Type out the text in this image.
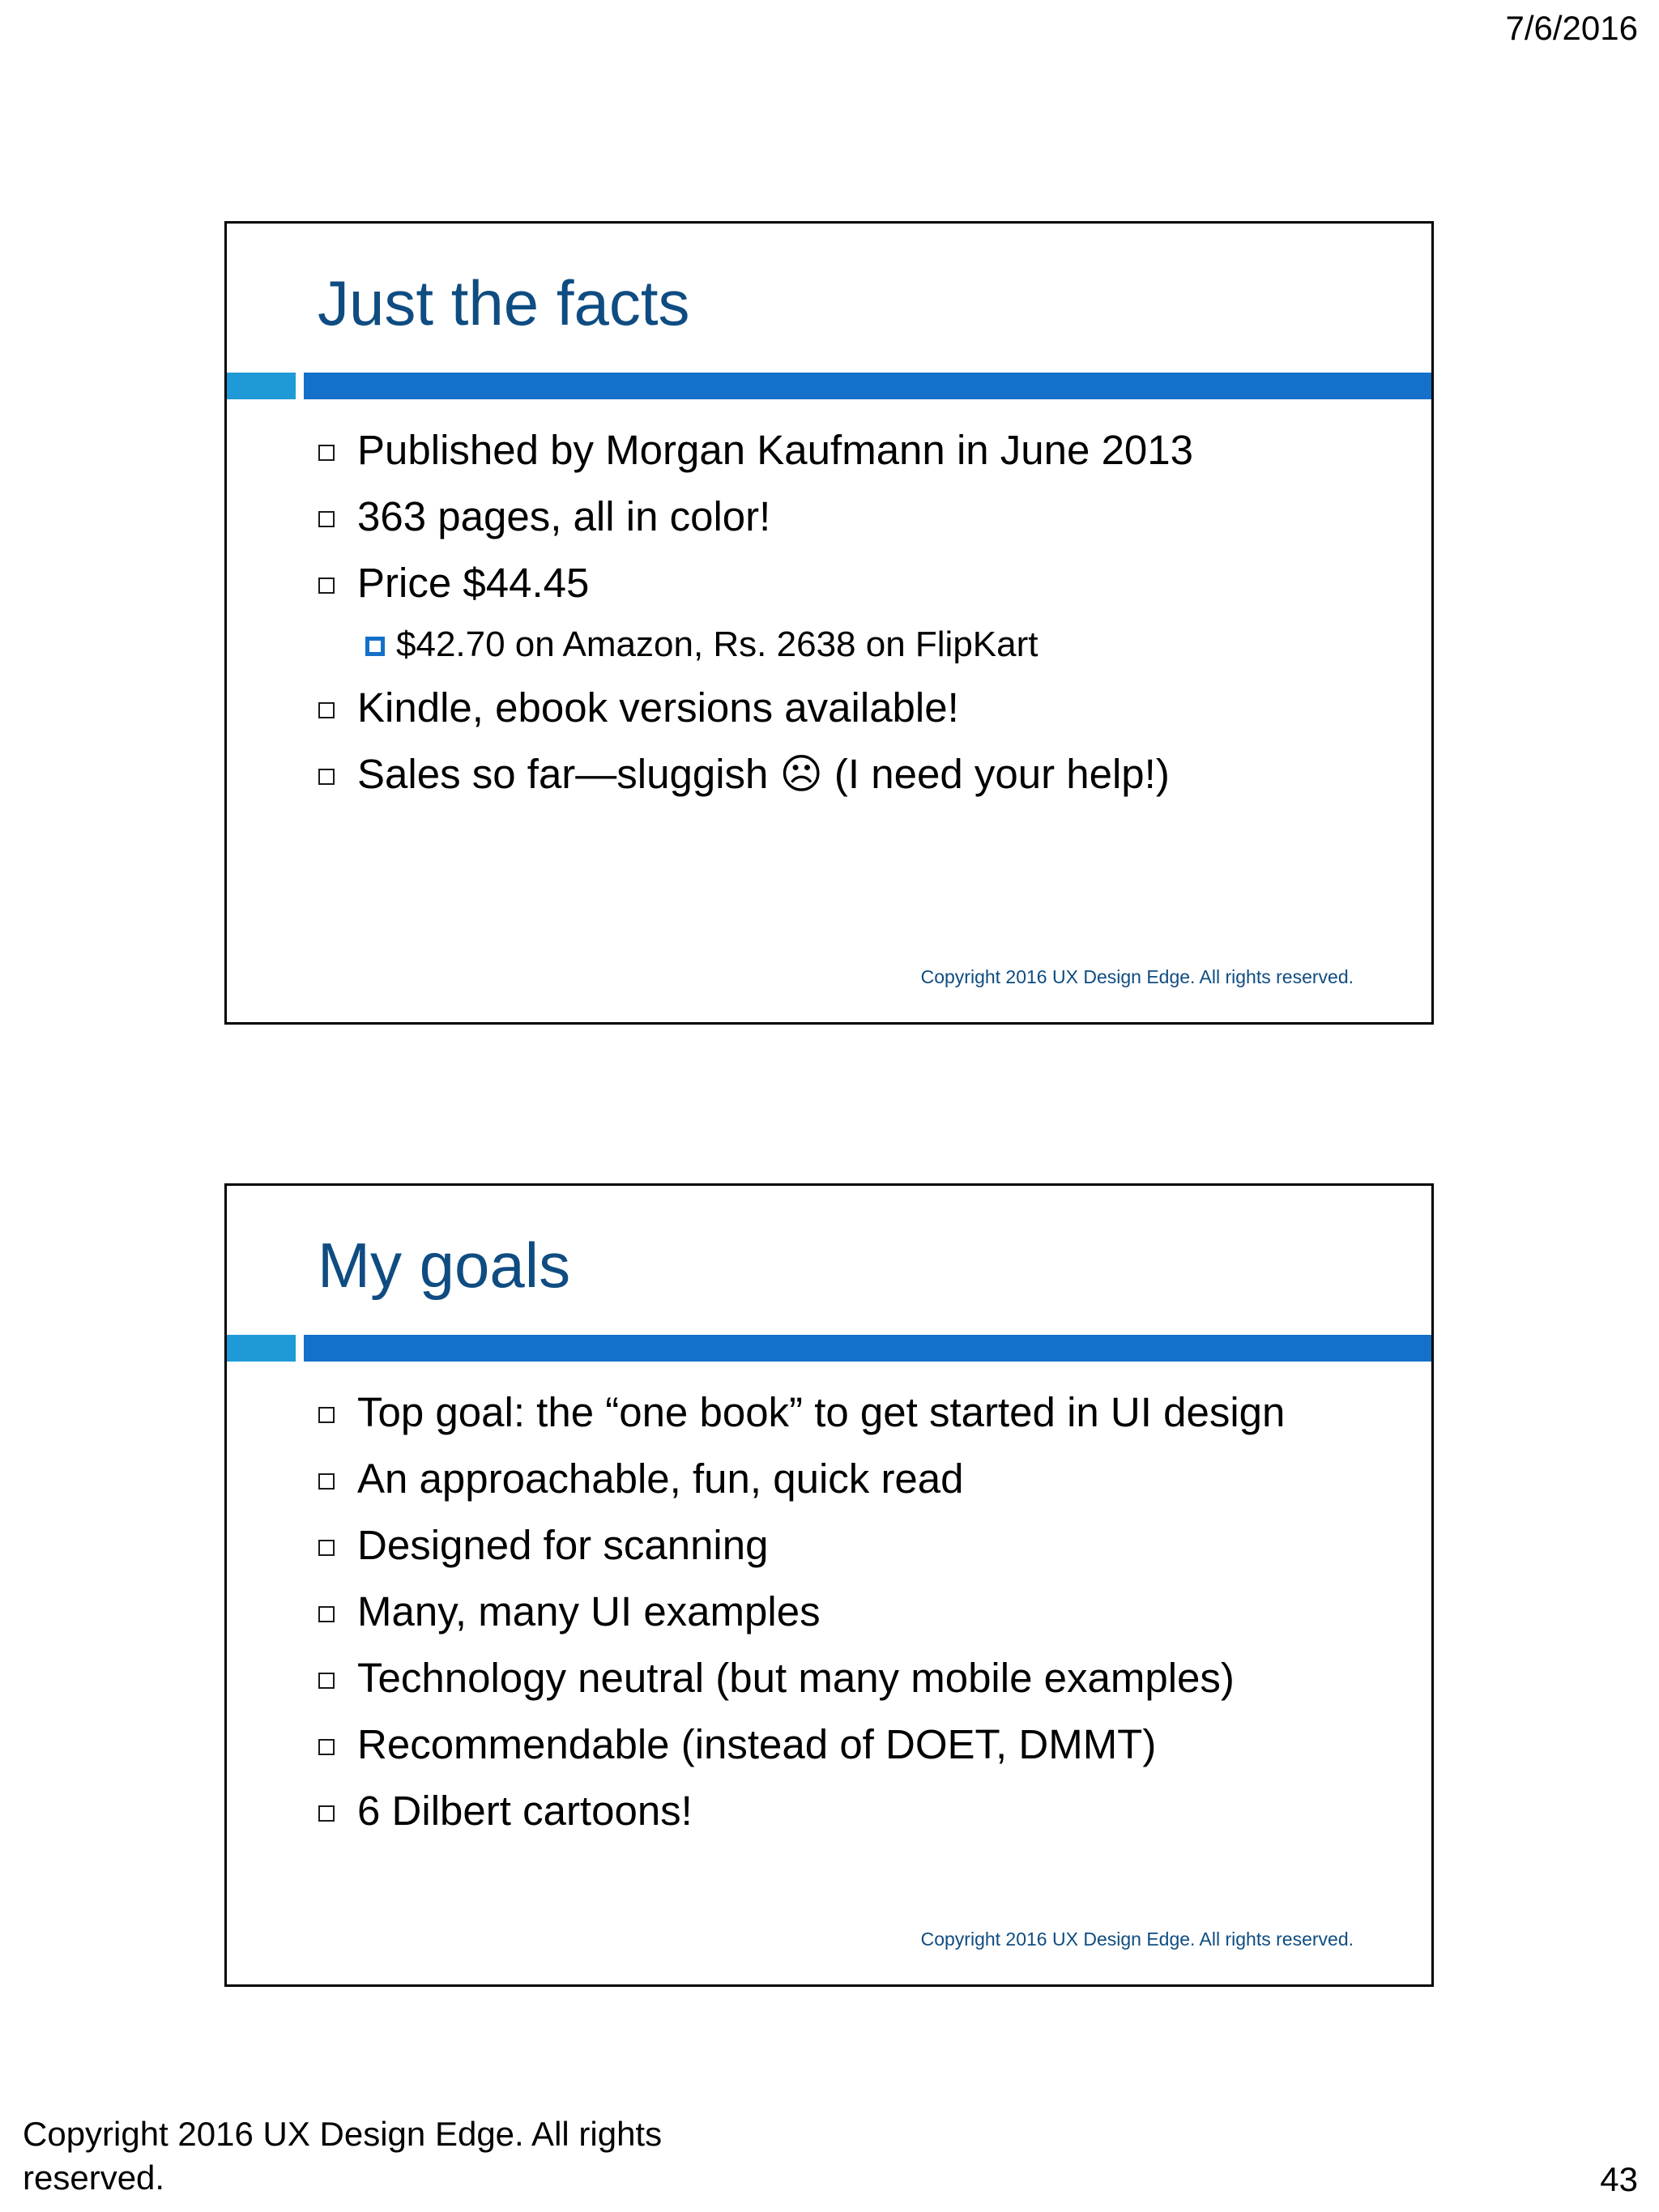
7/6/2016
Just the facts
Published by Morgan Kaufmann in June 2013
363 pages, all in color!
Price $44.45
$42.70 on Amazon, Rs. 2638 on FlipKart
Kindle, ebook versions available!
Sales so far—sluggish ☹ (I need your help!)
Copyright 2016 UX Design Edge. All rights reserved.
My goals
Top goal: the “one book” to get started in UI design
An approachable, fun, quick read
Designed for scanning
Many, many UI examples
Technology neutral (but many mobile examples)
Recommendable (instead of DOET, DMMT)
6 Dilbert cartoons!
Copyright 2016 UX Design Edge. All rights reserved.
Copyright 2016 UX Design Edge. All rights reserved.	43
